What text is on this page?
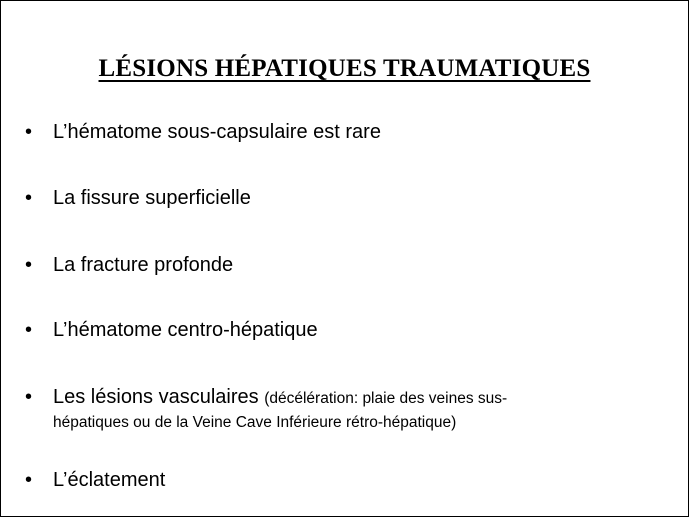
LÉSIONS HÉPATIQUES TRAUMATIQUES
• L’hématome sous-capsulaire est rare
• La fissure superficielle
• La fracture profonde
• L’hématome centro-hépatique
• Les lésions vasculaires (décélération: plaie des veines sus-
hépatiques ou de la Veine Cave Inférieure rétro-hépatique)
• L’éclatement
